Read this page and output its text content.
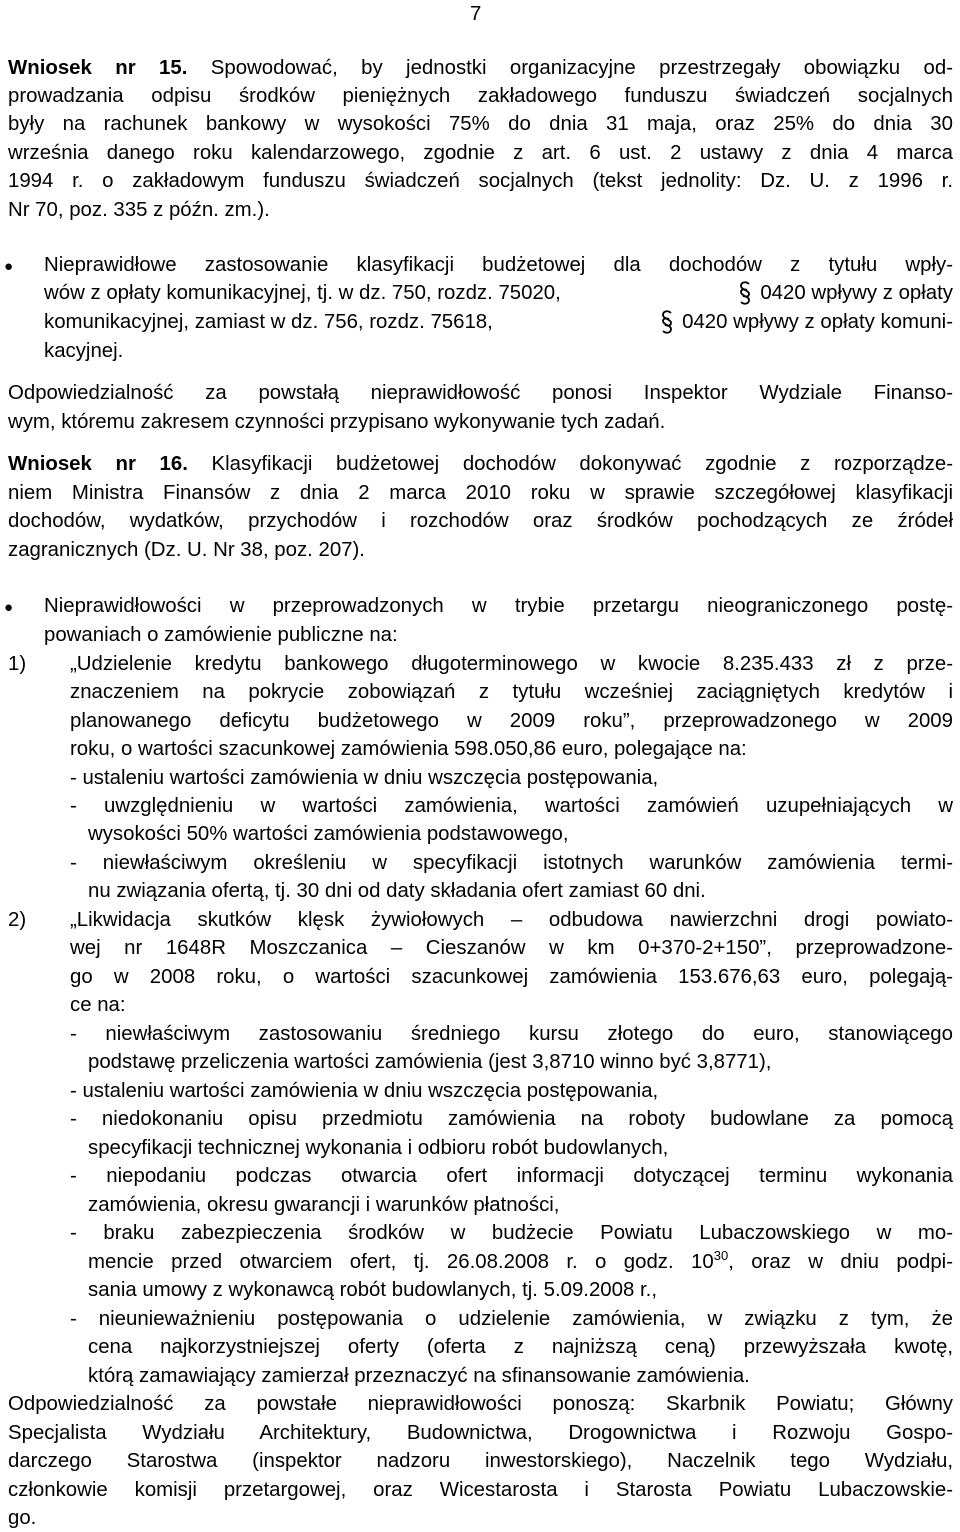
7
Wniosek nr 15. Spowodować, by jednostki organizacyjne przestrzegały obowiązku od-
prowadzania odpisu środków pieniężnych zakładowego funduszu świadczeń socjalnych
były na rachunek bankowy w wysokości 75% do dnia 31 maja, oraz 25% do dnia 30
września danego roku kalendarzowego, zgodnie z art. 6 ust. 2 ustawy z dnia 4 marca
1994 r. o zakładowym funduszu świadczeń socjalnych (tekst jednolity: Dz. U. z 1996 r.
Nr 70, poz. 335 z późn. zm.).
● Nieprawidłowe zastosowanie klasyfikacji budżetowej dla dochodów z tytułu wpły-
wów z opłaty komunikacyjnej, tj. w dz. 750, rozdz. 75020,	0420 wpływy z opłaty
komunikacyjnej, zamiast w dz. 756, rozdz. 75618,	0420 wpływy z opłaty komuni-
kacyjnej.
Odpowiedzialność za powstałą nieprawidłowość ponosi Inspektor Wydziale Finanso-
wym, któremu zakresem czynności przypisano wykonywanie tych zadań.
Wniosek nr 16. Klasyfikacji budżetowej dochodów dokonywać zgodnie z rozporządze-
niem Ministra Finansów z dnia 2 marca 2010 roku w sprawie szczegółowej klasyfikacji
dochodów, wydatków, przychodów i rozchodów oraz środków pochodzących ze źródeł
zagranicznych (Dz. U. Nr 38, poz. 207).
● Nieprawidłowości w przeprowadzonych w trybie przetargu nieograniczonego postę-
powaniach o zamówienie publiczne na:
1) „Udzielenie kredytu bankowego długoterminowego w kwocie 8.235.433 zł z prze-
znaczeniem na pokrycie zobowiązań z tytułu wcześniej zaciągniętych kredytów i
planowanego deficytu budżetowego w 2009 roku”, przeprowadzonego w 2009
roku, o wartości szacunkowej zamówienia 598.050,86 euro, polegające na:
- ustaleniu wartości zamówienia w dniu wszczęcia postępowania,
- uwzględnieniu w wartości zamówienia, wartości zamówień uzupełniających w
wysokości 50% wartości zamówienia podstawowego,
- niewłaściwym określeniu w specyfikacji istotnych warunków zamówienia termi-
nu związania ofertą, tj. 30 dni od daty składania ofert zamiast 60 dni.
2) „Likwidacja skutków klęsk żywiołowych – odbudowa nawierzchni drogi powiato-
wej nr 1648R Moszczanica – Cieszanów w km 0+370-2+150”, przeprowadzone-
go w 2008 roku, o wartości szacunkowej zamówienia 153.676,63 euro, polegają-
ce na:
- niewłaściwym zastosowaniu średniego kursu złotego do euro, stanowiącego
podstawę przeliczenia wartości zamówienia (jest 3,8710 winno być 3,8771),
- ustaleniu wartości zamówienia w dniu wszczęcia postępowania,
- niedokonaniu opisu przedmiotu zamówienia na roboty budowlane za pomocą
specyfikacji technicznej wykonania i odbioru robót budowlanych,
- niepodaniu podczas otwarcia ofert informacji dotyczącej terminu wykonania
zamówienia, okresu gwarancji i warunków płatności,
- braku zabezpieczenia środków w budżecie Powiatu Lubaczowskiego w mo-
mencie przed otwarciem ofert, tj. 26.08.2008 r. o godz. $10^{30}$, oraz w dniu podpi-
sania umowy z wykonawcą robót budowlanych, tj. 5.09.2008 r.,
- nieunieważnieniu postępowania o udzielenie zamówienia, w związku z tym, że
cena najkorzystniejszej oferty (oferta z najniższą ceną) przewyższała kwotę,
którą zamawiający zamierzał przeznaczyć na sfinansowanie zamówienia.
Odpowiedzialność za powstałe nieprawidłowości ponoszą: Skarbnik Powiatu; Główny
Specjalista Wydziału Architektury, Budownictwa, Drogownictwa i Rozwoju Gospo-
darczego Starostwa (inspektor nadzoru inwestorskiego), Naczelnik tego Wydziału,
członkowie komisji przetargowej, oraz Wicestarosta i Starosta Powiatu Lubaczowskie-
go.
